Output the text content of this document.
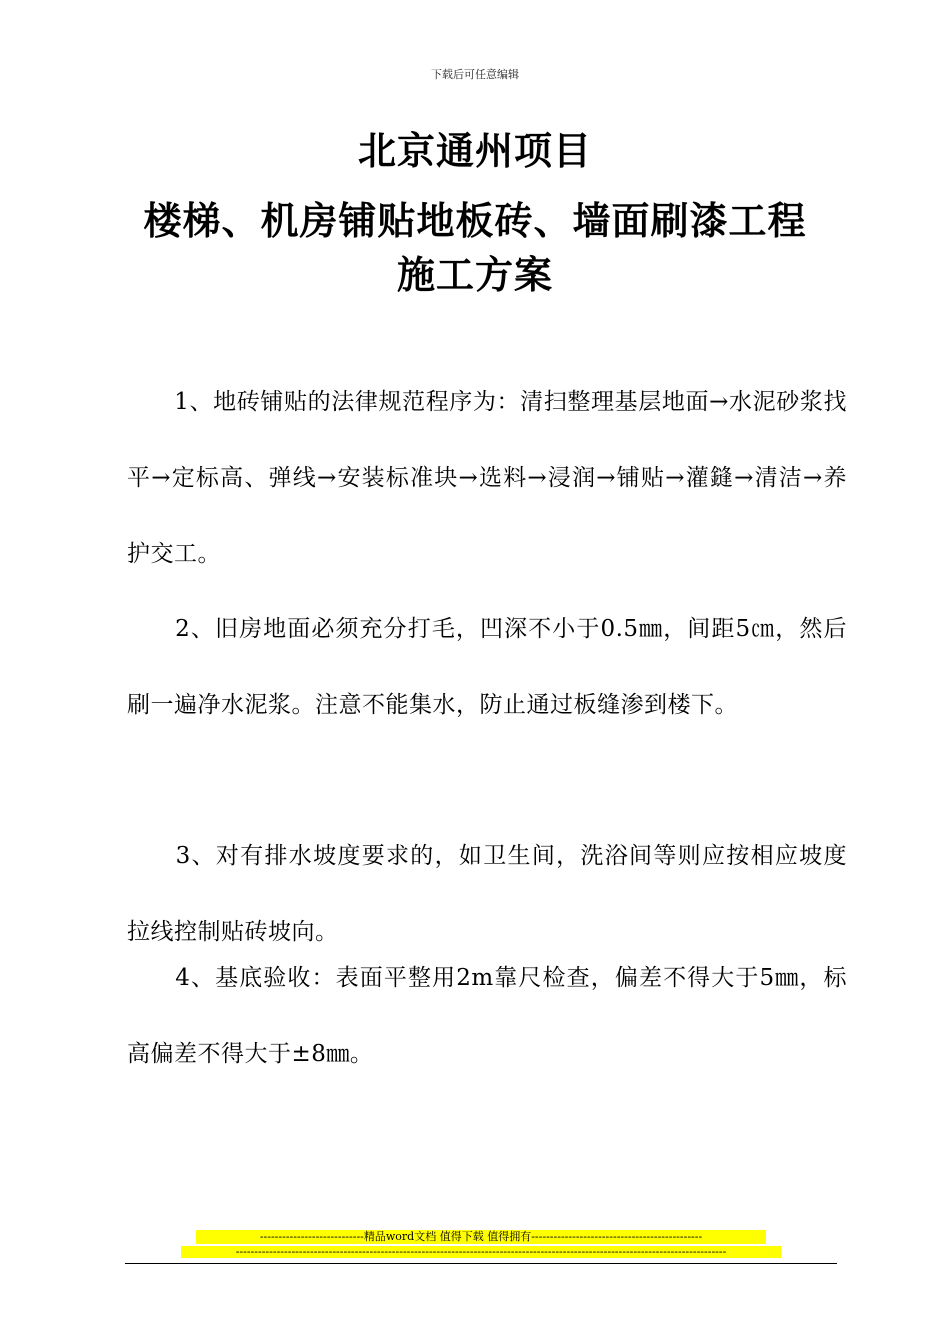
下载后可任意编辑
北京通州项目
楼梯、机房铺贴地板砖、墙面刷漆工程
施工方案
　　1、地砖铺贴的法律规范程序为：清扫整理基层地面→水泥砂浆找平→定标高、弹线→安装标准块→选料→浸润→铺贴→灌鏠→清洁→养护交工。
　　2、旧房地面必须充分打毛，凹深不小于0.5㎜，间距5㎝，然后刷一遍净水泥浆。注意不能集水，防止通过板缝渗到楼下。
　　3、对有排水坡度要求的，如卫生间，洗浴间等则应按相应坡度拉线控制贴砖坡向。
　　4、基底验收：表面平整用2m靠尺检查，偏差不得大于5㎜，标高偏差不得大于±8㎜。
----------------------------精品word文档 值得下载 值得拥有----------------------------------------------
------------------------------------------------------------------------------------------------------------------------------------
